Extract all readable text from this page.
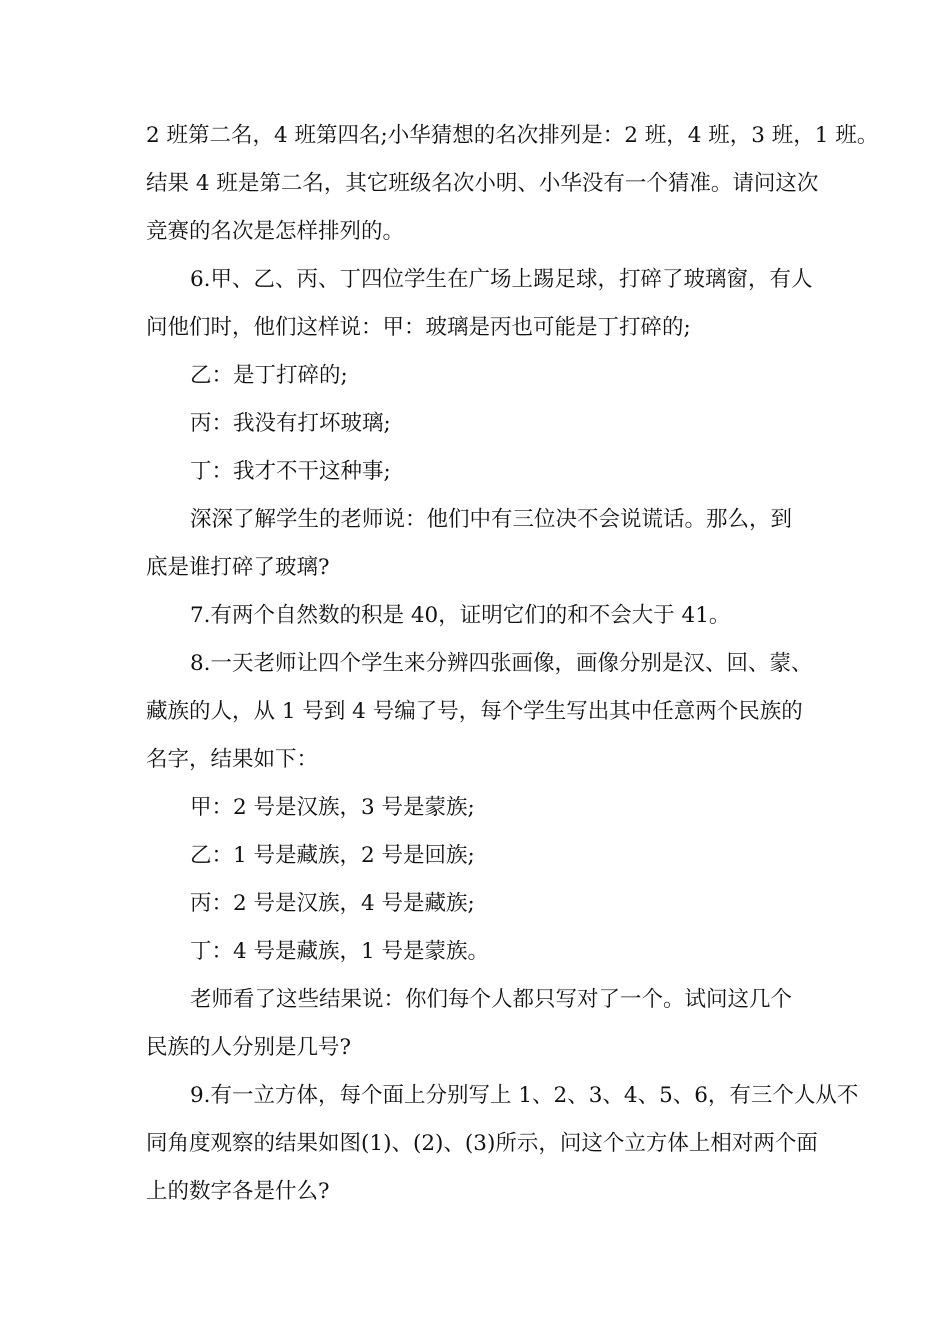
2 班第二名，4 班第四名;小华猜想的名次排列是：2 班，4 班，3 班，1 班。
结果 4 班是第二名，其它班级名次小明、小华没有一个猜准。请问这次
竞赛的名次是怎样排列的。
6.甲、乙、丙、丁四位学生在广场上踢足球，打碎了玻璃窗，有人
问他们时，他们这样说：甲：玻璃是丙也可能是丁打碎的;
乙：是丁打碎的;
丙：我没有打坏玻璃;
丁：我才不干这种事;
深深了解学生的老师说：他们中有三位决不会说谎话。那么，到
底是谁打碎了玻璃?
7.有两个自然数的积是 40，证明它们的和不会大于 41。
8.一天老师让四个学生来分辨四张画像，画像分别是汉、回、蒙、
藏族的人，从 1 号到 4 号编了号，每个学生写出其中任意两个民族的
名字，结果如下：
甲：2 号是汉族，3 号是蒙族;
乙：1 号是藏族，2 号是回族;
丙：2 号是汉族，4 号是藏族;
丁：4 号是藏族，1 号是蒙族。
老师看了这些结果说：你们每个人都只写对了一个。试问这几个
民族的人分别是几号?
9.有一立方体，每个面上分别写上 1、2、3、4、5、6，有三个人从不
同角度观察的结果如图(1)、(2)、(3)所示，问这个立方体上相对两个面
上的数字各是什么?
